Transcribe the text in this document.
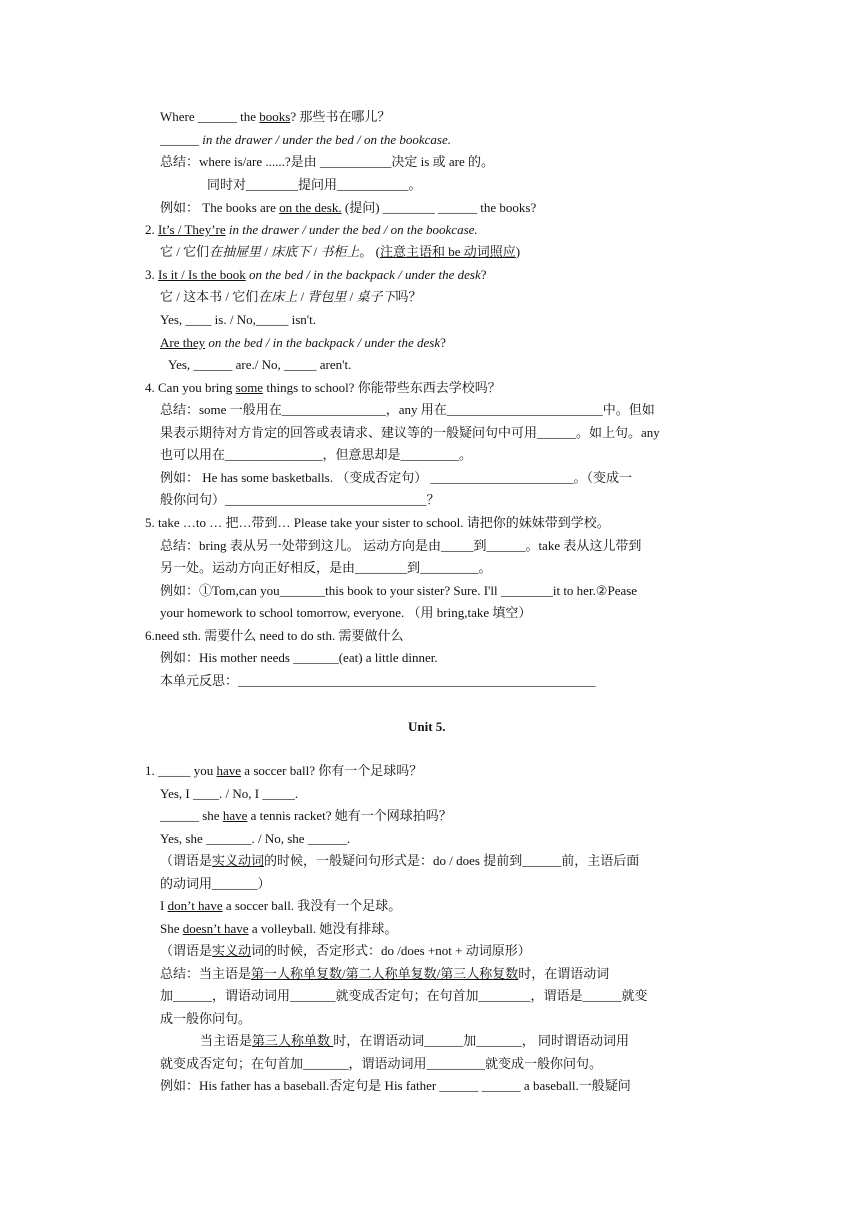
Where ______ the books? 那些书在哪儿？
______ in the drawer / under the bed / on the bookcase.
总结：where is/are ......?是由 ___________决定 is 或 are 的。
同时对________提问用___________。
例如： The books are on the desk. (提问) ________ ______ the books?
2. It’s / They’re in the drawer / under the bed / on the bookcase.
它 / 它们在抽屉里 / 床底下 / 书柜上。 (注意主语和 be 动词照应)
3. Is it / Is the book on the bed / in the backpack / under the desk?
它 / 这本书 / 它们在床上 / 背包里 / 桌子下吗？
Yes, ____ is. / No,_____ isn't.
Are they on the bed / in the backpack / under the desk?
Yes, ______ are./ No, _____ aren't.
4. Can you bring some things to school? 你能带些东西去学校吗？
总结：some 一般用在________________，any 用在________________________中。但如
果表示期待对方肯定的回答或表请求、建议等的一般疑问句中可用______。如上句。any
也可以用在_______________，但意思却是_________。
例如： He has some basketballs. （变成否定句） ______________________。（变成一
般你问句）_______________________________？
5. take …to … 把…带到… Please take your sister to school. 请把你的妹妹带到学校。
总结：bring 表从另一处带到这儿。 运动方向是由_____到______。take 表从这儿带到
另一处。运动方向正好相反，是由________到_________。
例如：①Tom,can you_______this book to your sister? Sure. I'll ________it to her.②Pease
your homework to school tomorrow, everyone. （用 bring,take 填空）
6.need sth. 需要什么 need to do sth. 需要做什么
例如：His mother needs _______(eat) a little dinner.
本单元反思：_______________________________________________________
Unit 5.
1. _____ you have a soccer ball? 你有一个足球吗？
Yes, I ____. / No, I _____.
______ she have a tennis racket? 她有一个网球拍吗？
Yes, she _______. / No, she ______.
（谓语是实义动词的时候，一般疑问句形式是：do / does 提前到______前，主语后面
的动词用_______）
I don’t have a soccer ball. 我没有一个足球。
She doesn’t have a volleyball. 她没有排球。
（谓语是实义动词的时候，否定形式：do /does +not + 动词原形）
总结：当主语是第一人称单复数/第二人称单复数/第三人称复数时，在谓语动词
加______，谓语动词用_______就变成否定句；在句首加________，谓语是______就变
成一般你问句。
当主语是第三人称单数 时，在谓语动词______加_______， 同时谓语动词用
就变成否定句；在句首加_______，谓语动词用_________就变成一般你问句。
例如：His father has a baseball.否定句是 His father ______ ______ a baseball.一般疑问
